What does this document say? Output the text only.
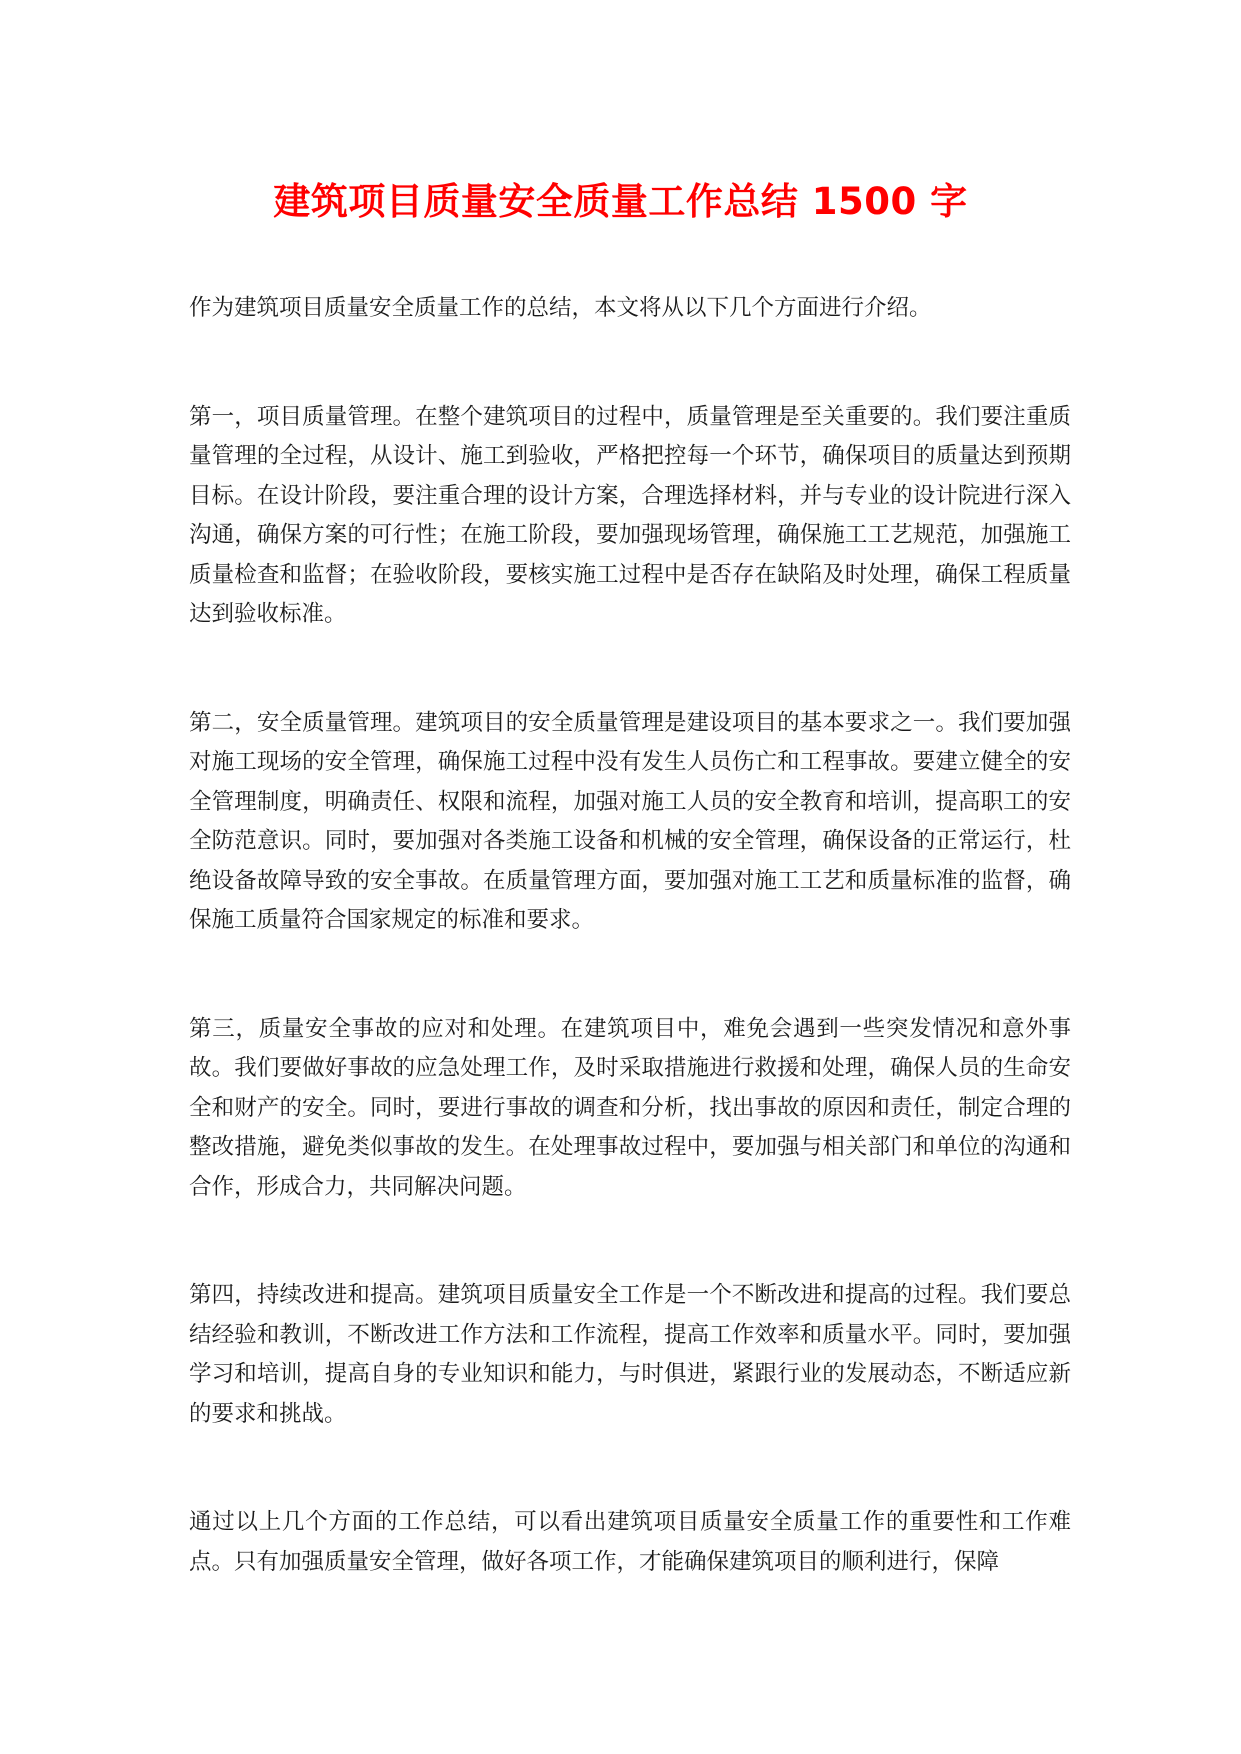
建筑项目质量安全质量工作总结 1500 字

作为建筑项目质量安全质量工作的总结，本文将从以下几个方面进行介绍。

第一，项目质量管理。在整个建筑项目的过程中，质量管理是至关重要的。我们要注重质量管理的全过程，从设计、施工到验收，严格把控每一个环节，确保项目的质量达到预期目标。在设计阶段，要注重合理的设计方案，合理选择材料，并与专业的设计院进行深入沟通，确保方案的可行性；在施工阶段，要加强现场管理，确保施工工艺规范，加强施工质量检查和监督；在验收阶段，要核实施工过程中是否存在缺陷及时处理，确保工程质量达到验收标准。

第二，安全质量管理。建筑项目的安全质量管理是建设项目的基本要求之一。我们要加强对施工现场的安全管理，确保施工过程中没有发生人员伤亡和工程事故。要建立健全的安全管理制度，明确责任、权限和流程，加强对施工人员的安全教育和培训，提高职工的安全防范意识。同时，要加强对各类施工设备和机械的安全管理，确保设备的正常运行，杜绝设备故障导致的安全事故。在质量管理方面，要加强对施工工艺和质量标准的监督，确保施工质量符合国家规定的标准和要求。

第三，质量安全事故的应对和处理。在建筑项目中，难免会遇到一些突发情况和意外事故。我们要做好事故的应急处理工作，及时采取措施进行救援和处理，确保人员的生命安全和财产的安全。同时，要进行事故的调查和分析，找出事故的原因和责任，制定合理的整改措施，避免类似事故的发生。在处理事故过程中，要加强与相关部门和单位的沟通和合作，形成合力，共同解决问题。

第四，持续改进和提高。建筑项目质量安全工作是一个不断改进和提高的过程。我们要总结经验和教训，不断改进工作方法和工作流程，提高工作效率和质量水平。同时，要加强学习和培训，提高自身的专业知识和能力，与时俱进，紧跟行业的发展动态，不断适应新的要求和挑战。

通过以上几个方面的工作总结，可以看出建筑项目质量安全质量工作的重要性和工作难点。只有加强质量安全管理，做好各项工作，才能确保建筑项目的顺利进行，保障
